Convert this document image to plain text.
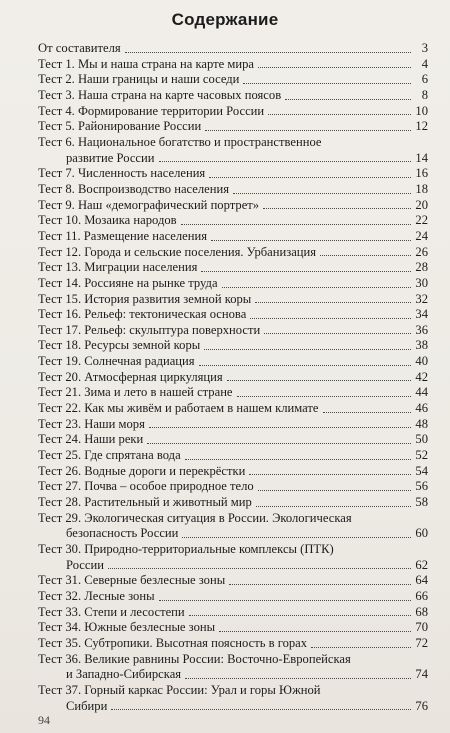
Содержание
От составителя	3
Тест 1. Мы и наша страна на карте мира	4
Тест 2. Наши границы и наши соседи	6
Тест 3. Наша страна на карте часовых поясов	8
Тест 4. Формирование территории России	10
Тест 5. Районирование России	12
Тест 6. Национальное богатство и пространственное
развитие России	14
Тест 7. Численность населения	16
Тест 8. Воспроизводство населения	18
Тест 9. Наш «демографический портрет»	20
Тест 10. Мозаика народов	22
Тест 11. Размещение населения	24
Тест 12. Города и сельские поселения. Урбанизация	26
Тест 13. Миграции населения	28
Тест 14. Россияне на рынке труда	30
Тест 15. История развития земной коры	32
Тест 16. Рельеф: тектоническая основа	34
Тест 17. Рельеф: скульптура поверхности	36
Тест 18. Ресурсы земной коры	38
Тест 19. Солнечная радиация	40
Тест 20. Атмосферная циркуляция	42
Тест 21. Зима и лето в нашей стране	44
Тест 22. Как мы живём и работаем в нашем климате	46
Тест 23. Наши моря	48
Тест 24. Наши реки	50
Тест 25. Где спрятана вода	52
Тест 26. Водные дороги и перекрёстки	54
Тест 27. Почва – особое природное тело	56
Тест 28. Растительный и животный мир	58
Тест 29. Экологическая ситуация в России. Экологическая
безопасность России	60
Тест 30. Природно-территориальные комплексы (ПТК)
России	62
Тест 31. Северные безлесные зоны	64
Тест 32. Лесные зоны	66
Тест 33. Степи и лесостепи	68
Тест 34. Южные безлесные зоны	70
Тест 35. Субтропики. Высотная поясность в горах	72
Тест 36. Великие равнины России: Восточно-Европейская
и Западно-Сибирская	74
Тест 37. Горный каркас России: Урал и горы Южной
Сибири	76
94
